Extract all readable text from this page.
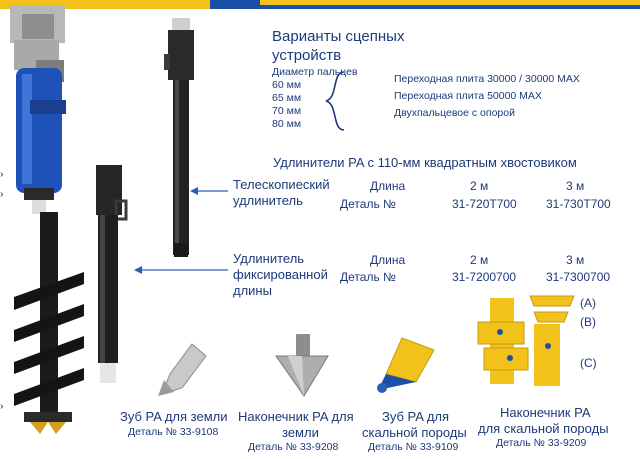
›
›
›
Варианты сцепных
устройств
Диаметр пальцев
60 мм
65 мм
70 мм
80 мм
Переходная плита 30000 / 30000 MAX
Переходная плита 50000 MAX
Двухпальцевое с опорой
Удлинители PA с 110-мм квадратным хвостовиком
Телескопиеский
удлинитель
Длина	2 м	3 м
Деталь №	31-720Т700 31-730Т700
Удлинитель
фиксированной
длины
Длина	2 м	3 м
Деталь №	31-7200700 31-7300700
(A)
(B)
(C)
Зуб PA для земли
Деталь № 33-9108
Наконечник PA для
земли
Деталь № 33-9208
Зуб PA для
скальной породы
Деталь № 33-9109
Наконечник PA
для скальной породы
Деталь № 33-9209
